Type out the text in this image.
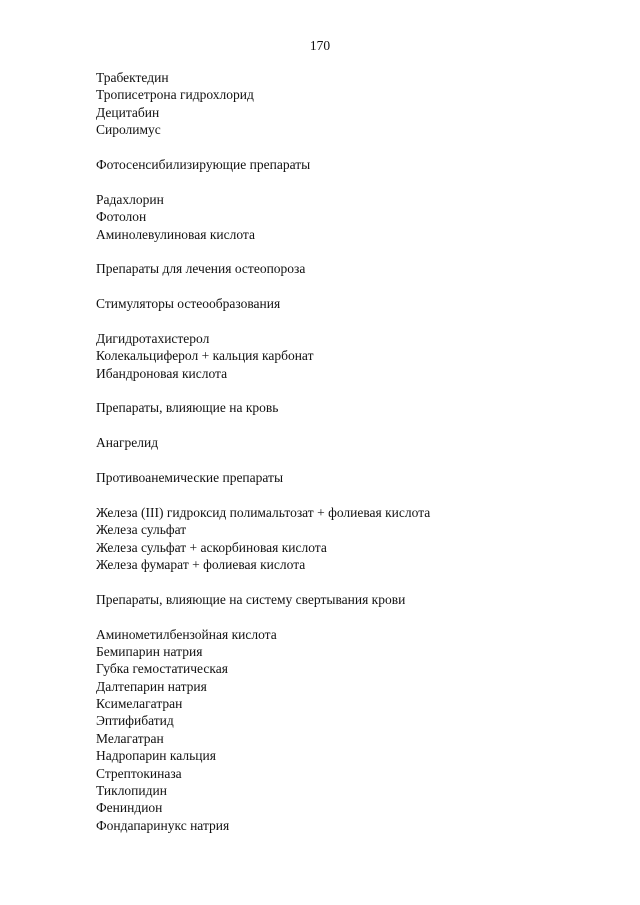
170
Трабектедин
Трописетрона гидрохлорид
Децитабин
Сиролимус
Фотосенсибилизирующие препараты
Радахлорин
Фотолон
Аминолевулиновая кислота
Препараты для лечения остеопороза
Стимуляторы остеообразования
Дигидротахистерол
Колекальциферол + кальция карбонат
Ибандроновая кислота
Препараты, влияющие на кровь
Анагрелид
Противоанемические препараты
Железа (III) гидроксид полимальтозат + фолиевая кислота
Железа сульфат
Железа сульфат + аскорбиновая кислота
Железа фумарат + фолиевая кислота
Препараты, влияющие на систему свертывания крови
Аминометилбензойная кислота
Бемипарин натрия
Губка гемостатическая
Далтепарин натрия
Ксимелагатран
Эптифибатид
Мелагатран
Надропарин кальция
Стрептокиназа
Тиклопидин
Фениндион
Фондапаринукс натрия
